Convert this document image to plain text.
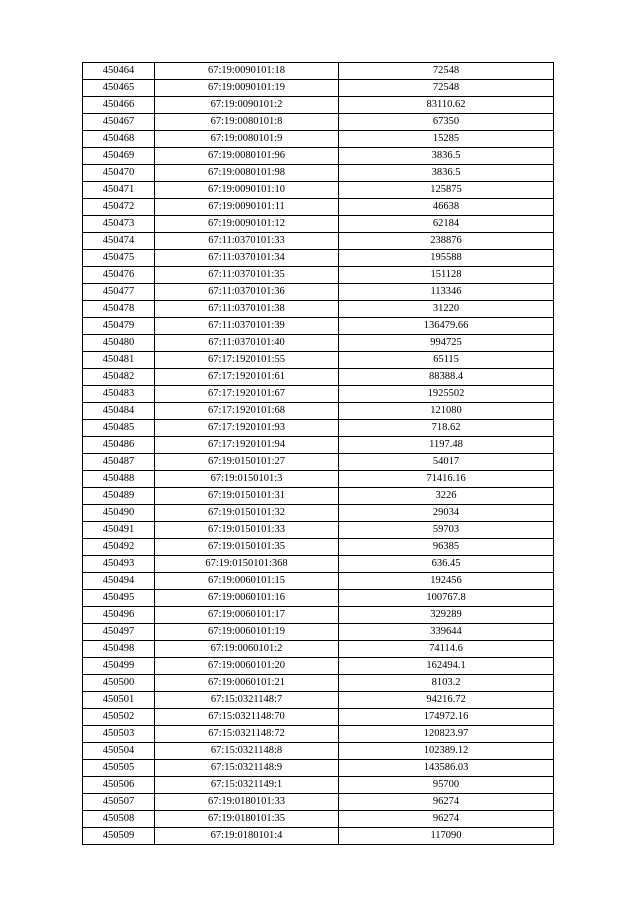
450464	67:19:0090101:18	72548
450465	67:19:0090101:19	72548
450466	67:19:0090101:2	83110.62
450467	67:19:0080101:8	67350
450468	67:19:0080101:9	15285
450469	67:19:0080101:96	3836.5
450470	67:19:0080101:98	3836.5
450471	67:19:0090101:10	125875
450472	67:19:0090101:11	46638
450473	67:19:0090101:12	62184
450474	67:11:0370101:33	238876
450475	67:11:0370101:34	195588
450476	67:11:0370101:35	151128
450477	67:11:0370101:36	113346
450478	67:11:0370101:38	31220
450479	67:11:0370101:39	136479.66
450480	67:11:0370101:40	994725
450481	67:17:1920101:55	65115
450482	67:17:1920101:61	88388.4
450483	67:17:1920101:67	1925502
450484	67:17:1920101:68	121080
450485	67:17:1920101:93	718.62
450486	67:17:1920101:94	1197.48
450487	67:19:0150101:27	54017
450488	67:19:0150101:3	71416.16
450489	67:19:0150101:31	3226
450490	67:19:0150101:32	29034
450491	67:19:0150101:33	59703
450492	67:19:0150101:35	96385
450493	67:19:0150101:368	636.45
450494	67:19:0060101:15	192456
450495	67:19:0060101:16	100767.8
450496	67:19:0060101:17	329289
450497	67:19:0060101:19	339644
450498	67:19:0060101:2	74114.6
450499	67:19:0060101:20	162494.1
450500	67:19:0060101:21	8103.2
450501	67:15:0321148:7	94216.72
450502	67:15:0321148:70	174972.16
450503	67:15:0321148:72	120823.97
450504	67:15:0321148:8	102389.12
450505	67:15:0321148:9	143586.03
450506	67:15:0321149:1	95700
450507	67:19:0180101:33	96274
450508	67:19:0180101:35	96274
450509	67:19:0180101:4	117090
